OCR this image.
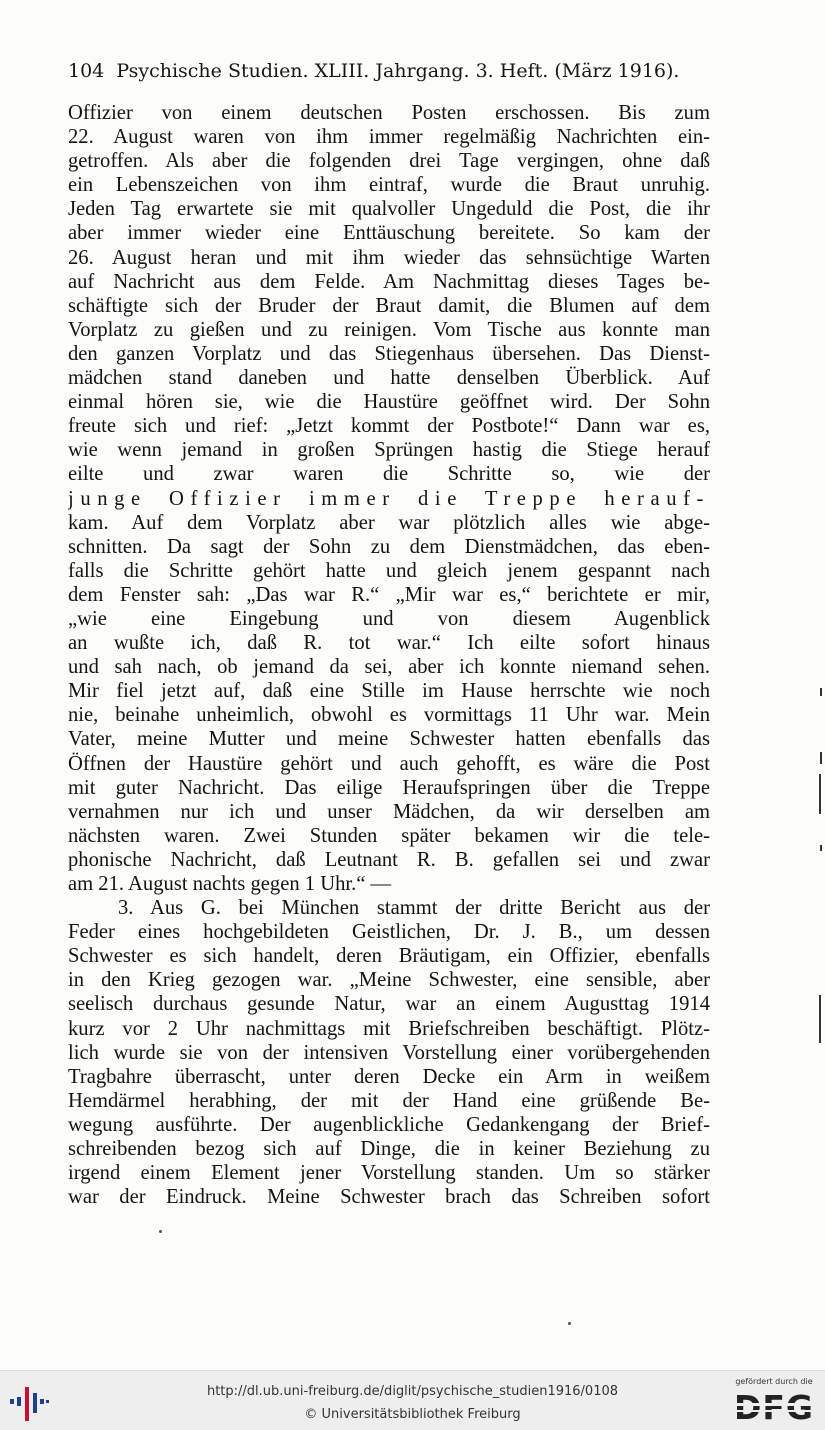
104 Psychische Studien. XLIII. Jahrgang. 3. Heft. (März 1916).
Offizier von einem deutschen Posten erschossen. Bis zum
22. August waren von ihm immer regelmäßig Nachrichten ein-
getroffen. Als aber die folgenden drei Tage vergingen, ohne daß
ein Lebenszeichen von ihm eintraf, wurde die Braut unruhig.
Jeden Tag erwartete sie mit qualvoller Ungeduld die Post, die ihr
aber immer wieder eine Enttäuschung bereitete. So kam der
26. August heran und mit ihm wieder das sehnsüchtige Warten
auf Nachricht aus dem Felde. Am Nachmittag dieses Tages be-
schäftigte sich der Bruder der Braut damit, die Blumen auf dem
Vorplatz zu gießen und zu reinigen. Vom Tische aus konnte man
den ganzen Vorplatz und das Stiegenhaus übersehen. Das Dienst-
mädchen stand daneben und hatte denselben Überblick. Auf
einmal hören sie, wie die Haustüre geöffnet wird. Der Sohn
freute sich und rief: „Jetzt kommt der Postbote!“ Dann war es,
wie wenn jemand in großen Sprüngen hastig die Stiege herauf
eilte und zwar waren die Schritte so, wie der
junge Offizier immer die Treppe herauf-
kam. Auf dem Vorplatz aber war plötzlich alles wie abge-
schnitten. Da sagt der Sohn zu dem Dienstmädchen, das eben-
falls die Schritte gehört hatte und gleich jenem gespannt nach
dem Fenster sah: „Das war R.“ „Mir war es,“ berichtete er mir,
„wie eine Eingebung und von diesem Augenblick
an wußte ich, daß R. tot war.“ Ich eilte sofort hinaus
und sah nach, ob jemand da sei, aber ich konnte niemand sehen.
Mir fiel jetzt auf, daß eine Stille im Hause herrschte wie noch
nie, beinahe unheimlich, obwohl es vormittags 11 Uhr war. Mein
Vater, meine Mutter und meine Schwester hatten ebenfalls das
Öffnen der Haustüre gehört und auch gehofft, es wäre die Post
mit guter Nachricht. Das eilige Heraufspringen über die Treppe
vernahmen nur ich und unser Mädchen, da wir derselben am
nächsten waren. Zwei Stunden später bekamen wir die tele-
phonische Nachricht, daß Leutnant R. B. gefallen sei und zwar
am 21. August nachts gegen 1 Uhr.“ —
3. Aus G. bei München stammt der dritte Bericht aus der
Feder eines hochgebildeten Geistlichen, Dr. J. B., um dessen
Schwester es sich handelt, deren Bräutigam, ein Offizier, ebenfalls
in den Krieg gezogen war. „Meine Schwester, eine sensible, aber
seelisch durchaus gesunde Natur, war an einem Augusttag 1914
kurz vor 2 Uhr nachmittags mit Briefschreiben beschäftigt. Plötz-
lich wurde sie von der intensiven Vorstellung einer vorübergehenden
Tragbahre überrascht, unter deren Decke ein Arm in weißem
Hemdärmel herabhing, der mit der Hand eine grüßende Be-
wegung ausführte. Der augenblickliche Gedankengang der Brief-
schreibenden bezog sich auf Dinge, die in keiner Beziehung zu
irgend einem Element jener Vorstellung standen. Um so stärker
war der Eindruck. Meine Schwester brach das Schreiben sofort
http://dl.ub.uni-freiburg.de/diglit/psychische_studien1916/0108
© Universitätsbibliothek Freiburg
gefördert durch die
